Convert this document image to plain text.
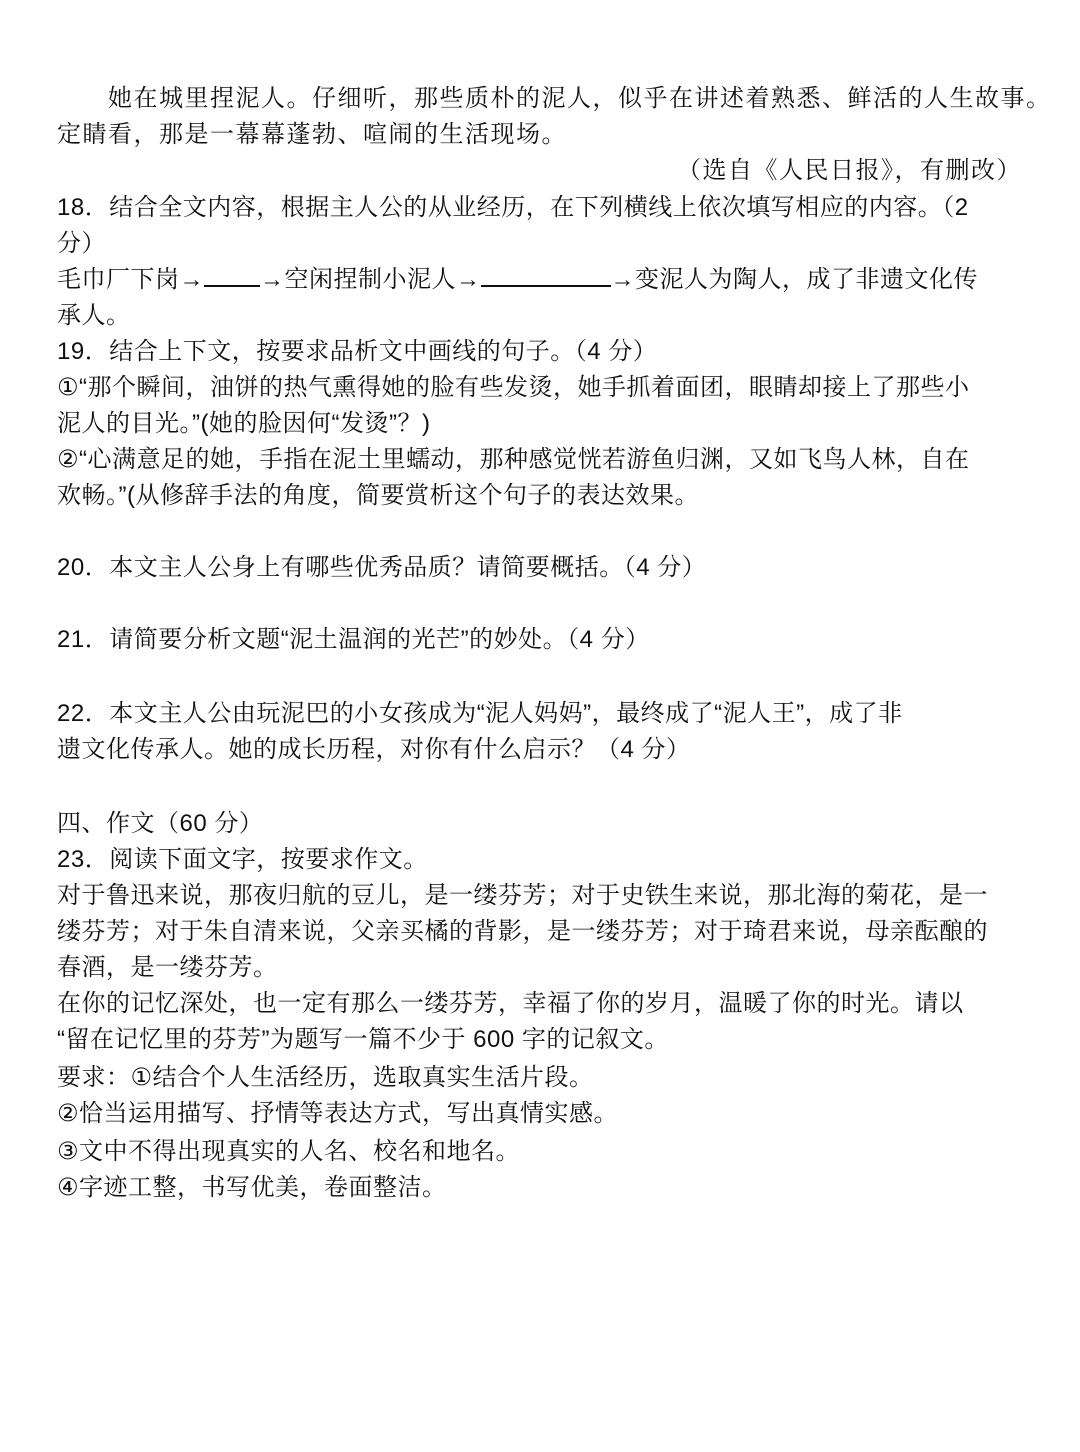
她在城里捏泥人。仔细听，那些质朴的泥人，似乎在讲述着熟悉、鲜活的人生故事。
定睛看，那是一幕幕蓬勃、喧闹的生活现场。
（选自《人民日报》，有删改）
18．结合全文内容，根据主人公的从业经历，在下列横线上依次填写相应的内容。（2
分）
毛巾厂下岗→ →空闲捏制小泥人→	→变泥人为陶人，成了非遗文化传
承人。
19．结合上下文，按要求品析文中画线的句子。（4 分）
①“那个瞬间，油饼的热气熏得她的脸有些发烫，她手抓着面团，眼睛却接上了那些小
泥人的目光。”(她的脸因何“发烫”？)
②“心满意足的她，手指在泥土里蠕动，那种感觉恍若游鱼归渊，又如飞鸟人林，自在
欢畅。”(从修辞手法的角度，简要赏析这个句子的表达效果。
20．本文主人公身上有哪些优秀品质？请简要概括。（4 分）
21．请简要分析文题“泥土温润的光芒”的妙处。（4 分）
22．本文主人公由玩泥巴的小女孩成为“泥人妈妈”，最终成了“泥人王”，成了非
遗文化传承人。她的成长历程，对你有什么启示？（4 分）
四、作文（60 分）
23．阅读下面文字，按要求作文。
对于鲁迅来说，那夜归航的豆儿，是一缕芬芳；对于史铁生来说，那北海的菊花，是一
缕芬芳；对于朱自清来说，父亲买橘的背影，是一缕芬芳；对于琦君来说，母亲酝酿的
春酒，是一缕芬芳。
在你的记忆深处，也一定有那么一缕芬芳，幸福了你的岁月，温暖了你的时光。请以
“留在记忆里的芬芳”为题写一篇不少于 600 字的记叙文。
要求：①结合个人生活经历，选取真实生活片段。
②恰当运用描写、抒情等表达方式，写出真情实感。
③文中不得出现真实的人名、校名和地名。
④字迹工整，书写优美，卷面整洁。
